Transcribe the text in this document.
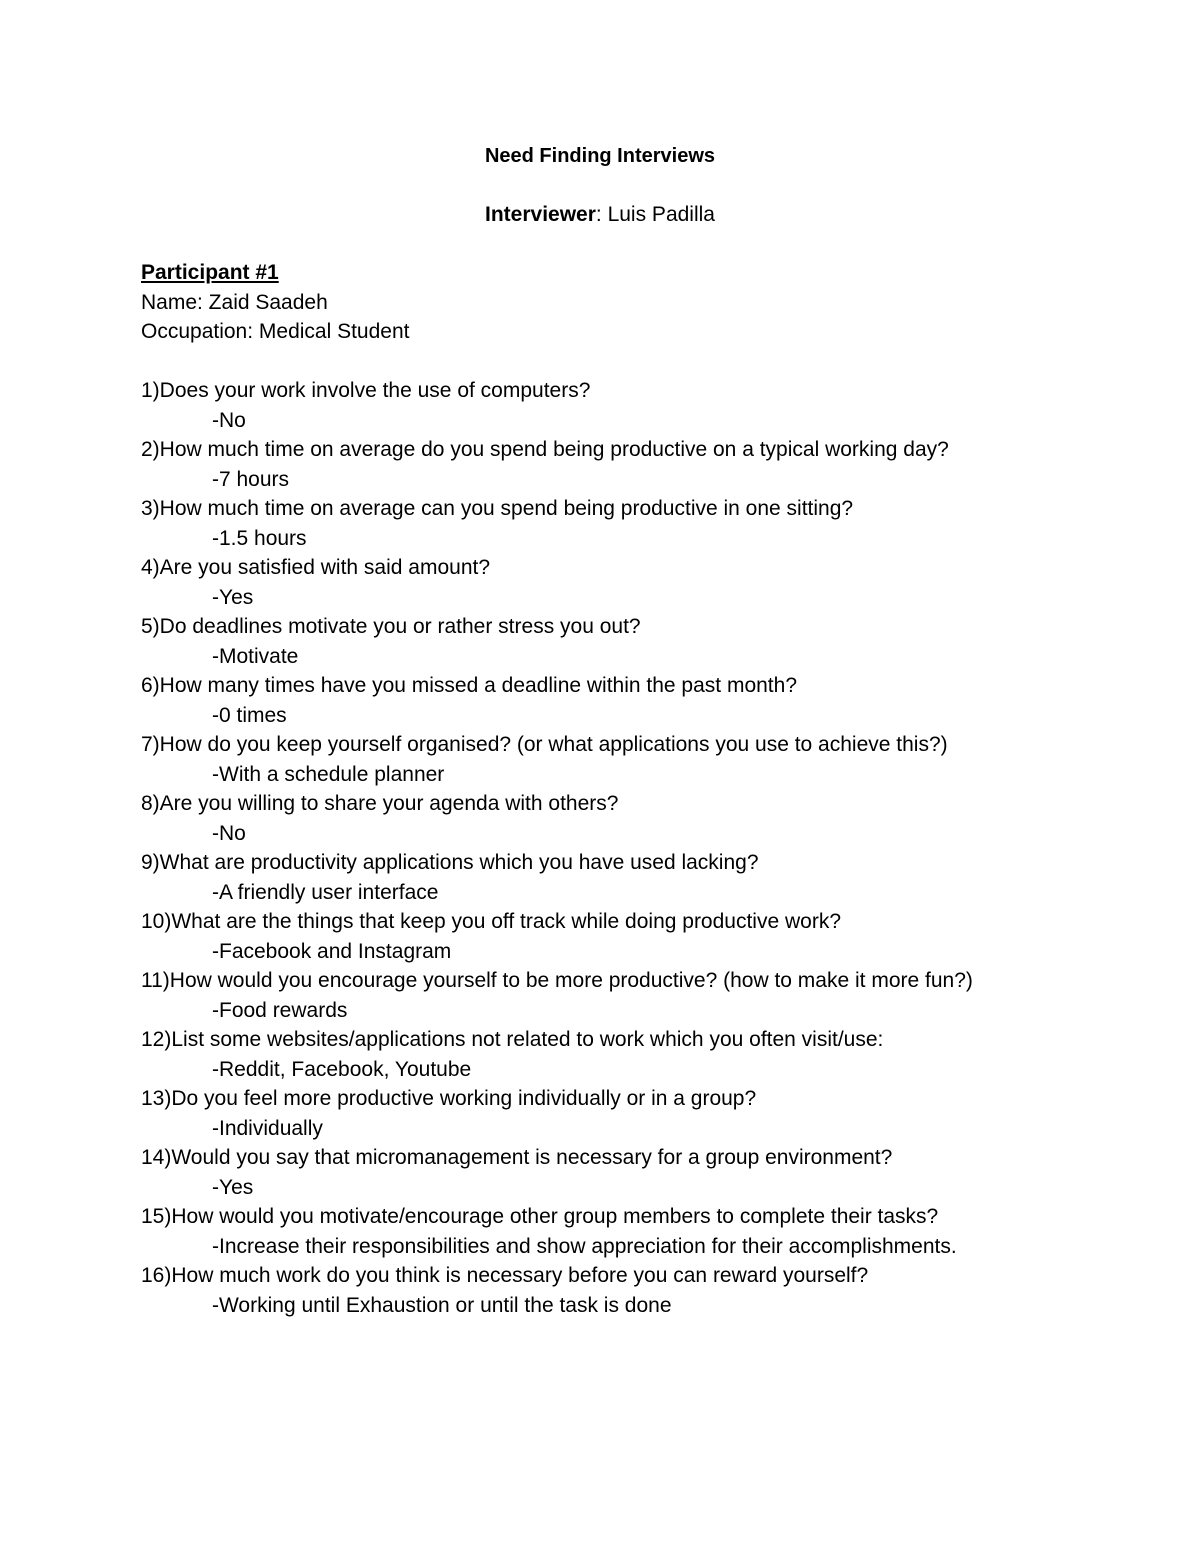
Need Finding Interviews
Interviewer: Luis Padilla
Participant #1
Name: Zaid Saadeh
Occupation: Medical Student
1)Does your work involve the use of computers?
-No
2)How much time on average do you spend being productive on a typical working day?
-7 hours
3)How much time on average can you spend being productive in one sitting?
-1.5 hours
4)Are you satisfied with said amount?
-Yes
5)Do deadlines motivate you or rather stress you out?
-Motivate
6)How many times have you missed a deadline within the past month?
-0 times
7)How do you keep yourself organised? (or what applications you use to achieve this?)
-With a schedule planner
8)Are you willing to share your agenda with others?
-No
9)What are productivity applications which you have used lacking?
-A friendly user interface
10)What are the things that keep you off track while doing productive work?
-Facebook and Instagram
11)How would you encourage yourself to be more productive? (how to make it more fun?)
-Food rewards
12)List some websites/applications not related to work which you often visit/use:
-Reddit, Facebook, Youtube
13)Do you feel more productive working individually or in a group?
-Individually
14)Would you say that micromanagement is necessary for a group environment?
-Yes
15)How would you motivate/encourage other group members to complete their tasks?
-Increase their responsibilities and show appreciation for their accomplishments.
16)How much work do you think is necessary before you can reward yourself?
-Working until Exhaustion or until the task is done
